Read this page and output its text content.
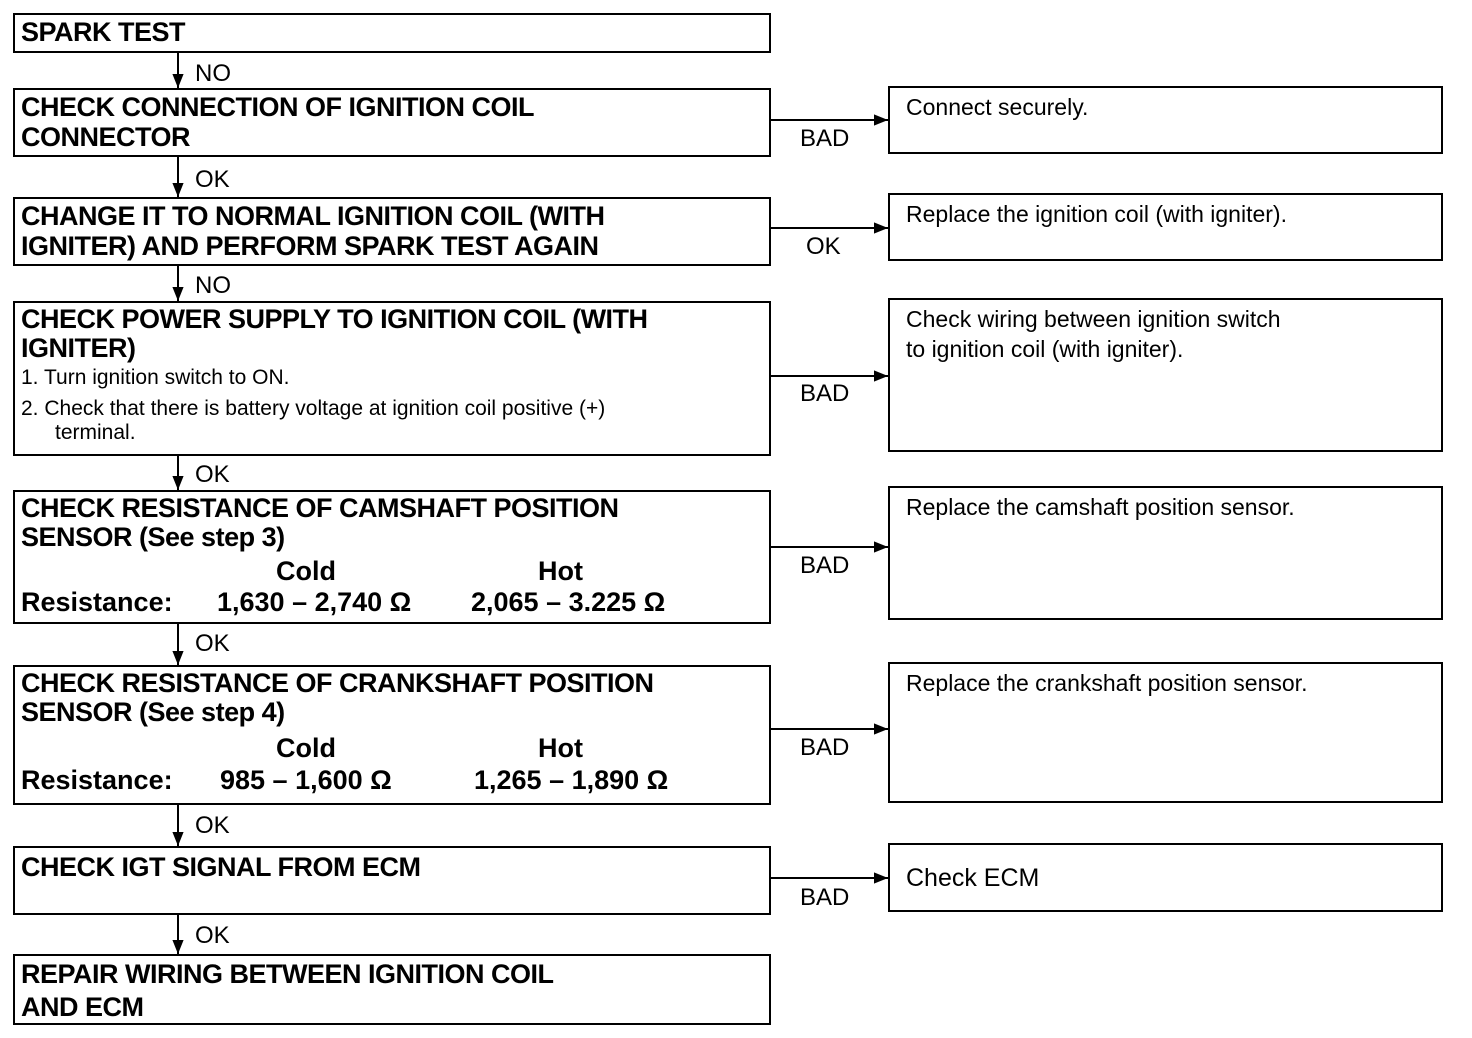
SPARK TEST
CHECK CONNECTION OF IGNITION COIL
CONNECTOR
CHANGE IT TO NORMAL IGNITION COIL (WITH
IGNITER) AND PERFORM SPARK TEST AGAIN
CHECK POWER SUPPLY TO IGNITION COIL (WITH
IGNITER)
1. Turn ignition switch to ON.
2. Check that there is battery voltage at ignition coil positive (+)
terminal.
CHECK RESISTANCE OF CAMSHAFT POSITION
SENSOR (See step 3)
Cold	Hot
Resistance: 1,630 – 2,740 Ω 2,065 – 3.225 Ω
CHECK RESISTANCE OF CRANKSHAFT POSITION
SENSOR (See step 4)
Cold	Hot
Resistance: 985 – 1,600 Ω	1,265 – 1,890 Ω
CHECK IGT SIGNAL FROM ECM
REPAIR WIRING BETWEEN IGNITION COIL
AND ECM
NO
OK
NO
OK
OK
OK
OK
BAD
OK
BAD
BAD
BAD
BAD
Connect securely.
Replace the ignition coil (with igniter).
Check wiring between ignition switch
to ignition coil (with igniter).
Replace the camshaft position sensor.
Replace the crankshaft position sensor.
Check ECM
